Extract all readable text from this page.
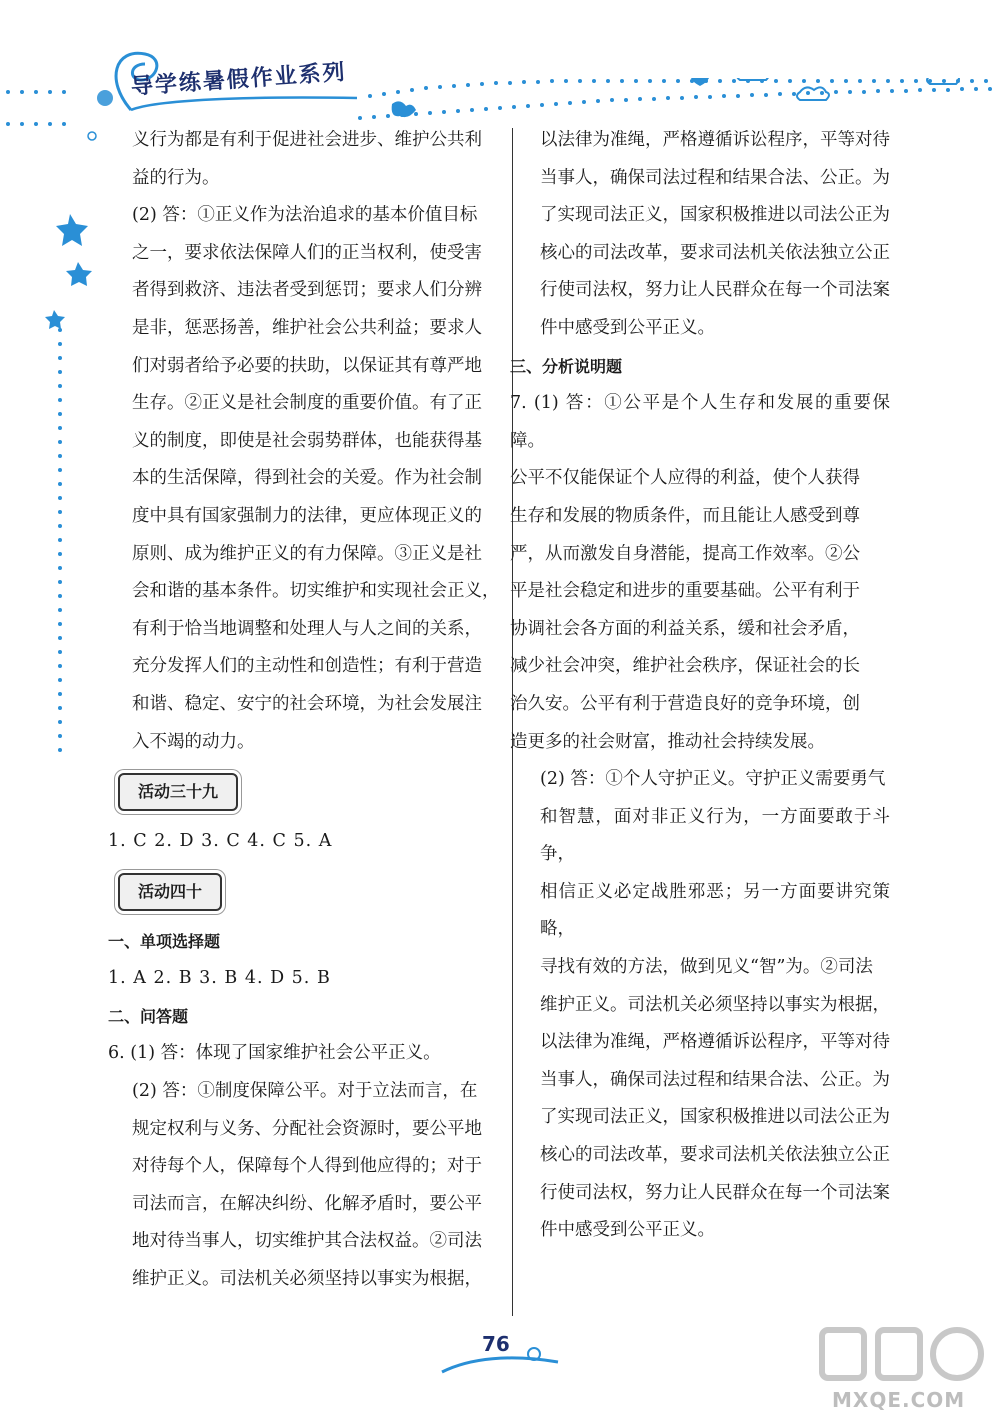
导学练暑假作业系列

义行为都是有利于促进社会进步、维护公共利
益的行为。

(2) 答：①正义作为法治追求的基本价值目标
之一，要求依法保障人们的正当权利，使受害
者得到救济、违法者受到惩罚；要求人们分辨
是非，惩恶扬善，维护社会公共利益；要求人
们对弱者给予必要的扶助，以保证其有尊严地
生存。②正义是社会制度的重要价值。有了正
义的制度，即使是社会弱势群体，也能获得基
本的生活保障，得到社会的关爱。作为社会制
度中具有国家强制力的法律，更应体现正义的
原则、成为维护正义的有力保障。③正义是社
会和谐的基本条件。切实维护和实现社会正义，
有利于恰当地调整和处理人与人之间的关系，
充分发挥人们的主动性和创造性；有利于营造
和谐、稳定、安宁的社会环境，为社会发展注
入不竭的动力。

活动三十九

1. C 2. D 3. C 4. C 5. A

活动四十

一、单项选择题

1. A 2. B 3. B 4. D 5. B

二、问答题

6. (1) 答：体现了国家维护社会公平正义。

(2) 答：①制度保障公平。对于立法而言，在
规定权利与义务、分配社会资源时，要公平地
对待每个人，保障每个人得到他应得的；对于
司法而言，在解决纠纷、化解矛盾时，要公平
地对待当事人，切实维护其合法权益。②司法
维护正义。司法机关必须坚持以事实为根据，

以法律为准绳，严格遵循诉讼程序，平等对待
当事人，确保司法过程和结果合法、公正。为
了实现司法正义，国家积极推进以司法公正为
核心的司法改革，要求司法机关依法独立公正
行使司法权，努力让人民群众在每一个司法案
件中感受到公平正义。

三、分析说明题

7. (1) 答：①公平是个人生存和发展的重要保障。
公平不仅能保证个人应得的利益，使个人获得
生存和发展的物质条件，而且能让人感受到尊
严，从而激发自身潜能，提高工作效率。②公
平是社会稳定和进步的重要基础。公平有利于
协调社会各方面的利益关系，缓和社会矛盾，
减少社会冲突，维护社会秩序，保证社会的长
治久安。公平有利于营造良好的竞争环境，创
造更多的社会财富，推动社会持续发展。

(2) 答：①个人守护正义。守护正义需要勇气
和智慧，面对非正义行为，一方面要敢于斗争，
相信正义必定战胜邪恶；另一方面要讲究策略，
寻找有效的方法，做到见义“智”为。②司法
维护正义。司法机关必须坚持以事实为根据，
以法律为准绳，严格遵循诉讼程序，平等对待
当事人，确保司法过程和结果合法、公正。为
了实现司法正义，国家积极推进以司法公正为
核心的司法改革，要求司法机关依法独立公正
行使司法权，努力让人民群众在每一个司法案
件中感受到公平正义。

76
MXQE.COM
